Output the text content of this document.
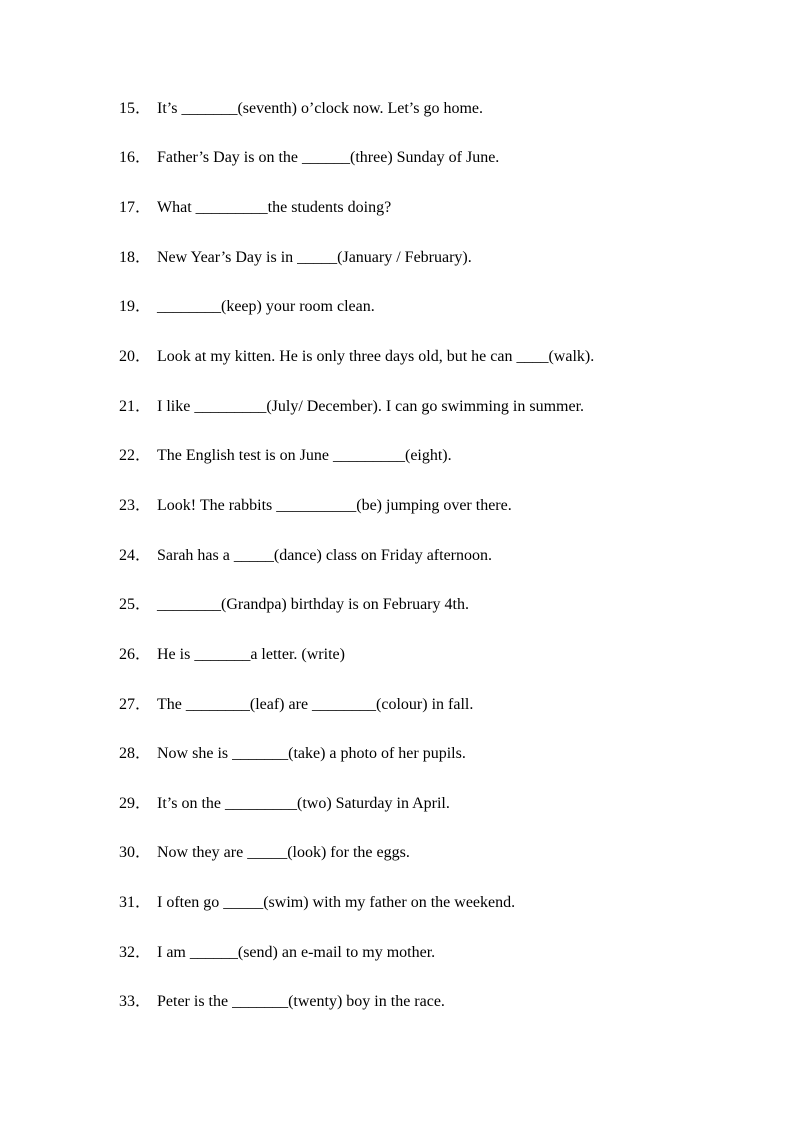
15． It’s _______(seventh) o’clock now. Let’s go home.
16． Father’s Day is on the ______(three) Sunday of June.
17． What _________the students doing?
18． New Year’s Day is in _____(January / February).
19． ________(keep) your room clean.
20． Look at my kitten. He is only three days old, but he can ____(walk).
21． I like _________(July/ December). I can go swimming in summer.
22． The English test is on June _________(eight).
23． Look! The rabbits __________(be) jumping over there.
24． Sarah has a _____(dance) class on Friday afternoon.
25． ________(Grandpa) birthday is on February 4th.
26． He is _______a letter. (write)
27． The ________(leaf) are ________(colour) in fall.
28． Now she is _______(take) a photo of her pupils.
29． It’s on the _________(two) Saturday in April.
30． Now they are _____(look) for the eggs.
31． I often go _____(swim) with my father on the weekend.
32． I am ______(send) an e-mail to my mother.
33． Peter is the _______(twenty) boy in the race.
